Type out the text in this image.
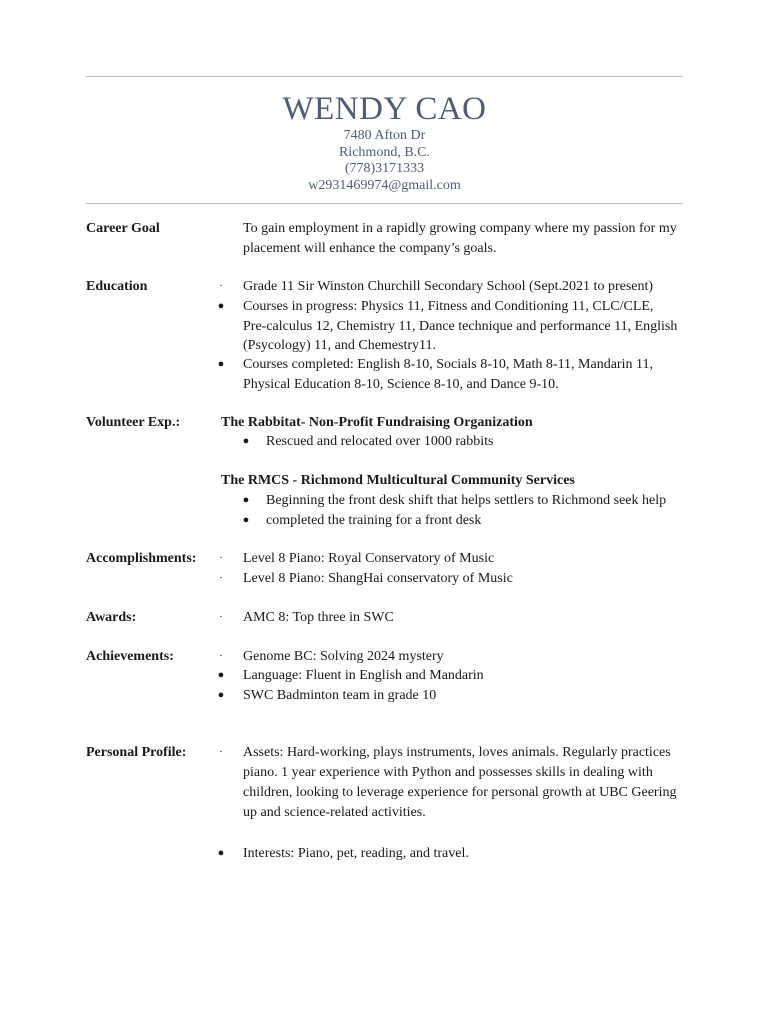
WENDY CAO
7480 Afton Dr
Richmond, B.C.
(778)3171333
w2931469974@gmail.com
Career Goal	To gain employment in a rapidly growing company where my passion for my
placement will enhance the company’s goals.
Education	·	Grade 11 Sir Winston Churchill Secondary School (Sept.2021 to present)
●	Courses in progress: Physics 11, Fitness and Conditioning 11, CLC/CLE,
Pre-calculus 12, Chemistry 11, Dance technique and performance 11, English
(Psycology) 11, and Chemestry11.
●	Courses completed: English 8-10, Socials 8-10, Math 8-11, Mandarin 11,
Physical Education 8-10, Science 8-10, and Dance 9-10.
Volunteer Exp.:	The Rabbitat- Non-Profit Fundraising Organization
●	Rescued and relocated over 1000 rabbits
The RMCS - Richmond Multicultural Community Services
●	Beginning the front desk shift that helps settlers to Richmond seek help
●	completed the training for a front desk
Accomplishments:	·	Level 8 Piano: Royal Conservatory of Music
·	Level 8 Piano: ShangHai conservatory of Music
Awards:	·	AMC 8: Top three in SWC
Achievements:	·	Genome BC: Solving 2024 mystery
●	Language: Fluent in English and Mandarin
●	SWC Badminton team in grade 10
Personal Profile:	·	Assets: Hard-working, plays instruments, loves animals. Regularly practices
piano. 1 year experience with Python and possesses skills in dealing with
children, looking to leverage experience for personal growth at UBC Geering
up and science-related activities.
●	Interests: Piano, pet, reading, and travel.
